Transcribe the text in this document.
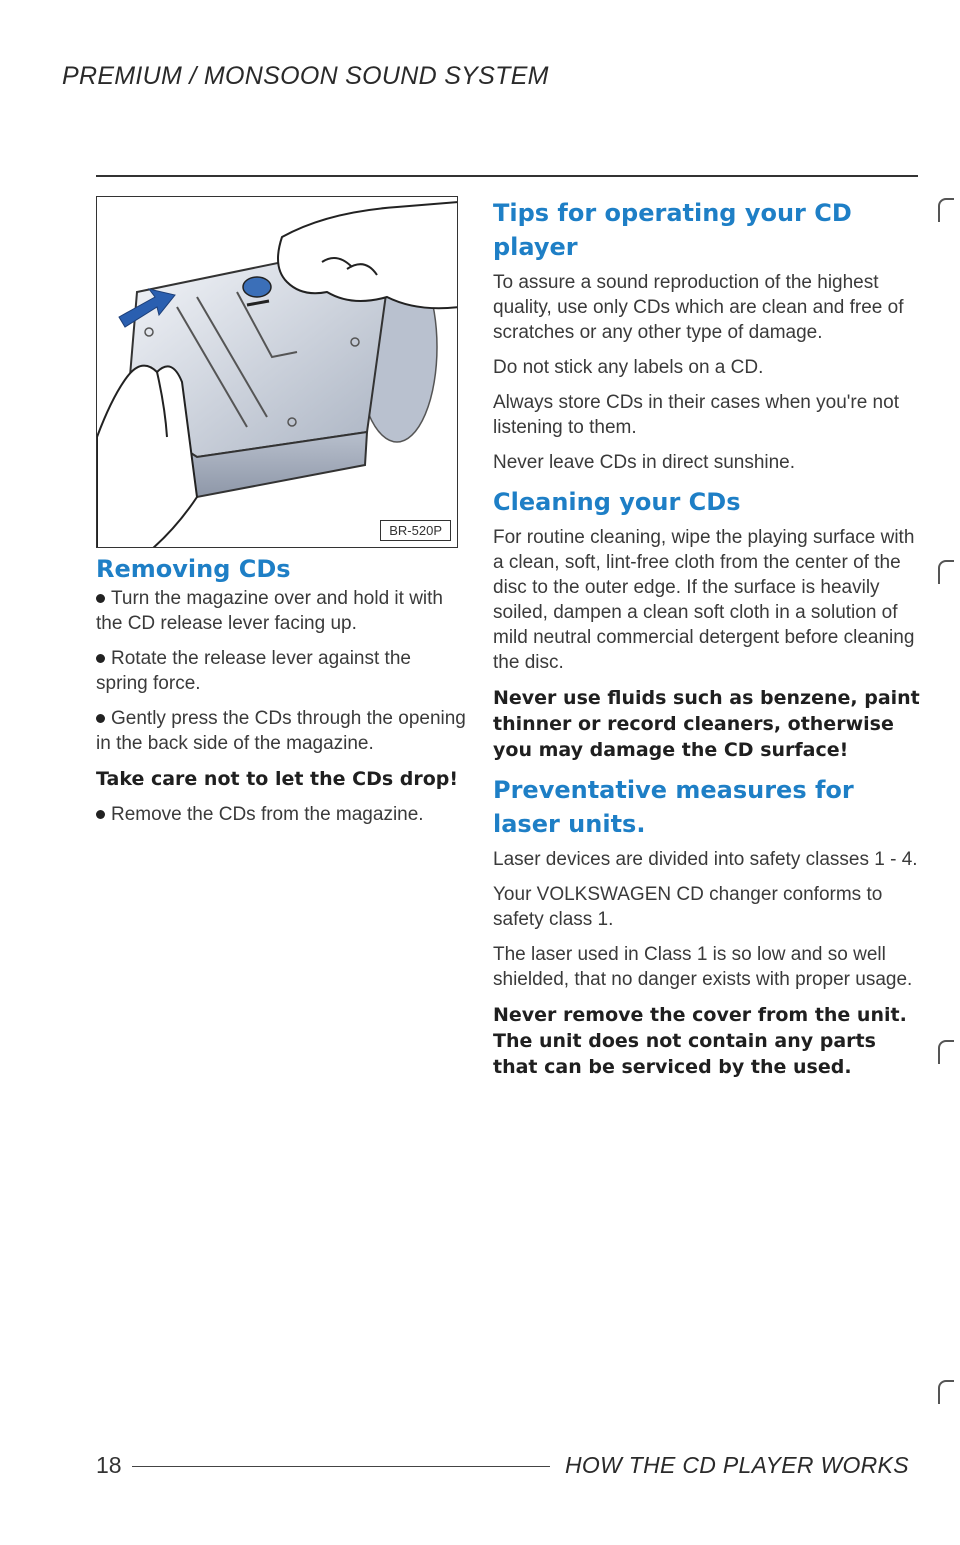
PREMIUM / MONSOON SOUND SYSTEM
BR-520P
Removing CDs

Turn the magazine over and hold it with the CD release lever facing up.

Rotate the release lever against the spring force.

Gently press the CDs through the opening in the back side of the magazine.

Take care not to let the CDs drop!

Remove the CDs from the magazine.

Tips for operating your CD player

To assure a sound reproduction of the highest quality, use only CDs which are clean and free of scratches or any other type of damage.

Do not stick any labels on a CD.

Always store CDs in their cases when you're not listening to them.

Never leave CDs in direct sunshine.

Cleaning your CDs

For routine cleaning, wipe the playing surface with a clean, soft, lint-free cloth from the center of the disc to the outer edge. If the surface is heavily soiled, dampen a clean soft cloth in a solution of mild neutral commercial detergent before cleaning the disc.

Never use fluids such as benzene, paint thinner or record cleaners, otherwise you may damage the CD surface!

Preventative measures for laser units.

Laser devices are divided into safety classes 1 - 4.

Your VOLKSWAGEN CD changer conforms to safety class 1.

The laser used in Class 1 is so low and so well shielded, that no danger exists with proper usage.

Never remove the cover from the unit. The unit does not contain any parts that can be serviced by the used.

18	HOW THE CD PLAYER WORKS
